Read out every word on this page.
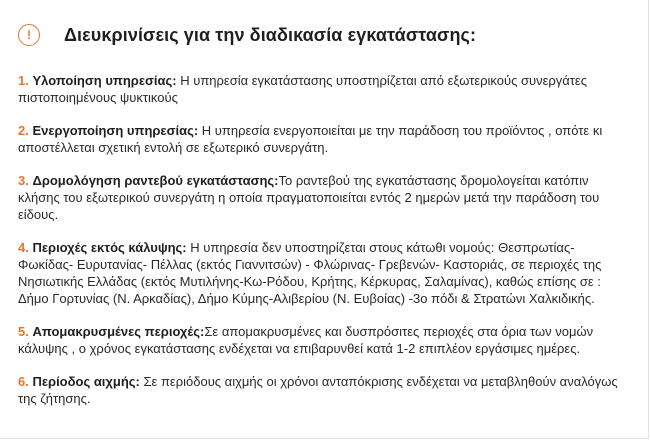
!	Διευκρινίσεις για την διαδικασία εγκατάστασης:
1. Υλοποίηση υπηρεσίας: Η υπηρεσία εγκατάστασης υποστηρίζεται από εξωτερικούς συνεργάτες πιστοποιημένους ψυκτικούς
2. Ενεργοποίηση υπηρεσίας: Η υπηρεσία ενεργοποιείται με την παράδοση του προϊόντος , οπότε κι αποστέλλεται σχετική εντολή σε εξωτερικό συνεργάτη.
3. Δρομολόγηση ραντεβού εγκατάστασης:Το ραντεβού της εγκατάστασης δρομολογείται κατόπιν κλήσης του εξωτερικού συνεργάτη η οποία πραγματοποιείται εντός 2 ημερών μετά την παράδοση του είδους.
4. Περιοχές εκτός κάλυψης: Η υπηρεσία δεν υποστηρίζεται στους κάτωθι νομούς: Θεσπρωτίας-Φωκίδας- Ευρυτανίας- Πέλλας (εκτός Γιαννιτσών) - Φλώρινας- Γρεβενών- Καστοριάς, σε περιοχές της Νησιωτικής Ελλάδας (εκτός Μυτιλήνης-Κω-Ρόδου, Κρήτης, Κέρκυρας, Σαλαμίνας), καθώς επίσης σε : Δήμο Γορτυνίας (Ν. Αρκαδίας), Δήμο Κύμης-Αλιβερίου (Ν. Ευβοίας) -3ο πόδι & Στρατώνι Χαλκιδικής.
5. Απομακρυσμένες περιοχές:Σε απομακρυσμένες και δυσπρόσιτες περιοχές στα όρια των νομών κάλυψης , ο χρόνος εγκατάστασης ενδέχεται να επιβαρυνθεί κατά 1-2 επιπλέον εργάσιμες ημέρες.
6. Περίοδος αιχμής: Σε περιόδους αιχμής οι χρόνοι ανταπόκρισης ενδέχεται να μεταβληθούν αναλόγως της ζήτησης.
